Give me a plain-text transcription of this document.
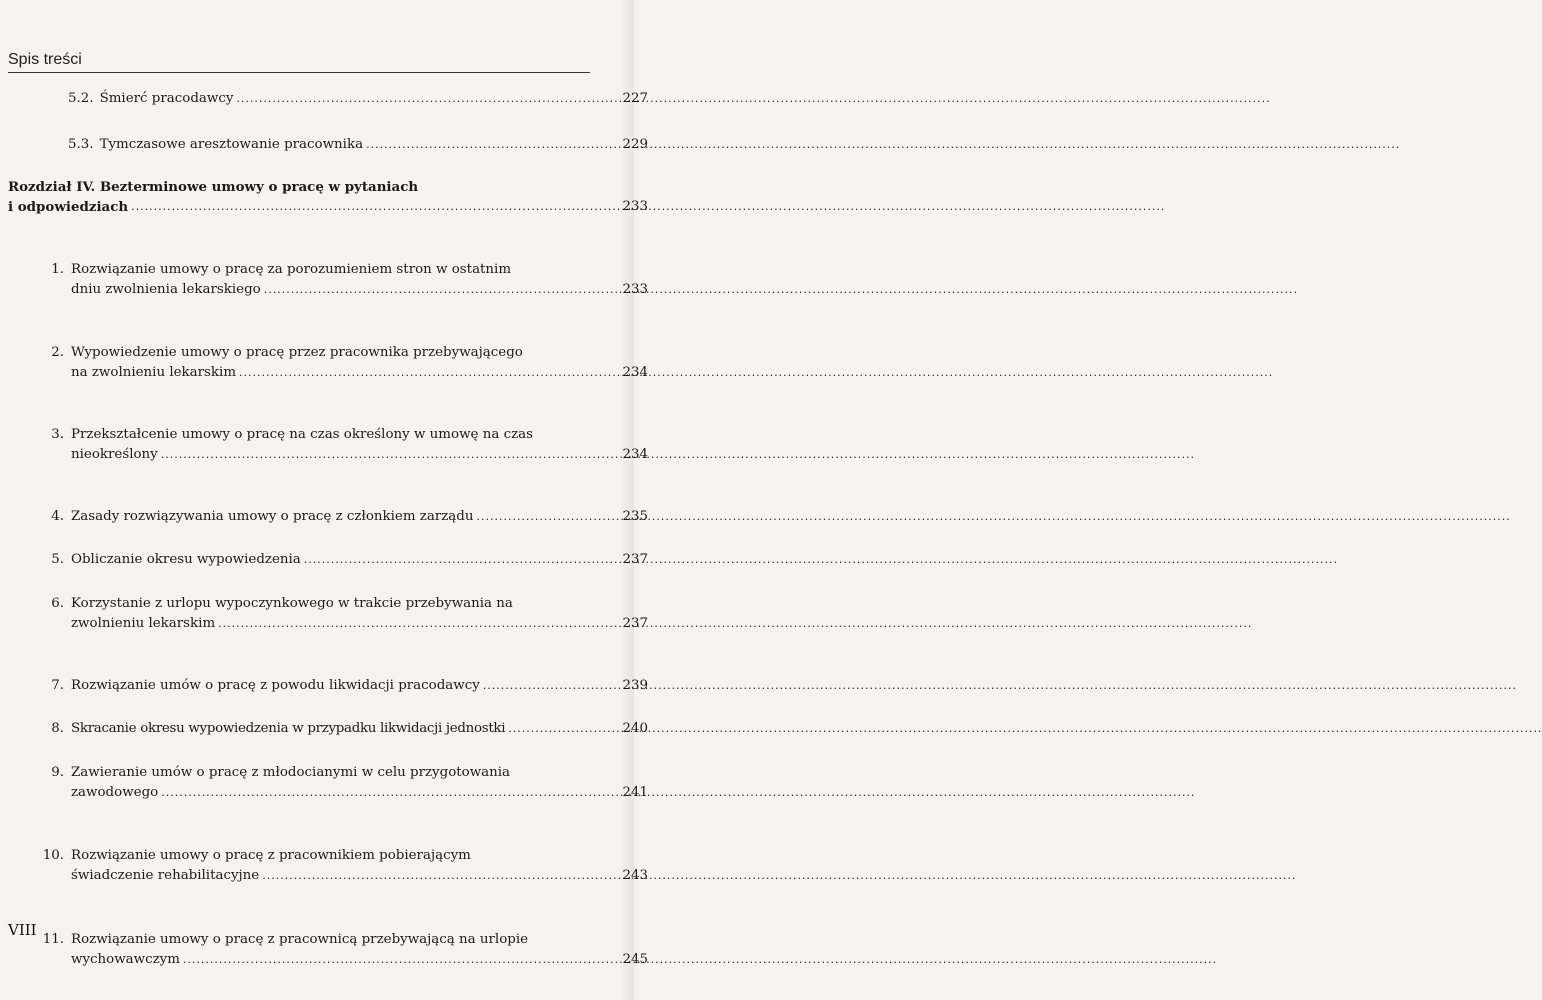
Spis treści
5.2. Śmierć pracodawcy .....	227
5.3. Tymczasowe aresztowanie pracownika .....	229
Rozdział IV. Bezterminowe umowy o pracę w pytaniach
i odpowiedziach .....	233
1. Rozwiązanie umowy o pracę za porozumieniem stron w ostatnim
dniu zwolnienia lekarskiego .....	233
2. Wypowiedzenie umowy o pracę przez pracownika przebywającego
na zwolnieniu lekarskim .....	234
3. Przekształcenie umowy o pracę na czas określony w umowę na czas
nieokreślony .....	234
4. Zasady rozwiązywania umowy o pracę z członkiem zarządu .....	235
5. Obliczanie okresu wypowiedzenia .....	237
6. Korzystanie z urlopu wypoczynkowego w trakcie przebywania na
zwolnieniu lekarskim .....	237
7. Rozwiązanie umów o pracę z powodu likwidacji pracodawcy .....	239
8. Skracanie okresu wypowiedzenia w przypadku likwidacji jednostki .....	240
9. Zawieranie umów o pracę z młodocianymi w celu przygotowania
zawodowego .....	241
10. Rozwiązanie umowy o pracę z pracownikiem pobierającym
świadczenie rehabilitacyjne .....	243
11. Rozwiązanie umowy o pracę z pracownicą przebywającą na urlopie
wychowawczym .....	245
VIII
